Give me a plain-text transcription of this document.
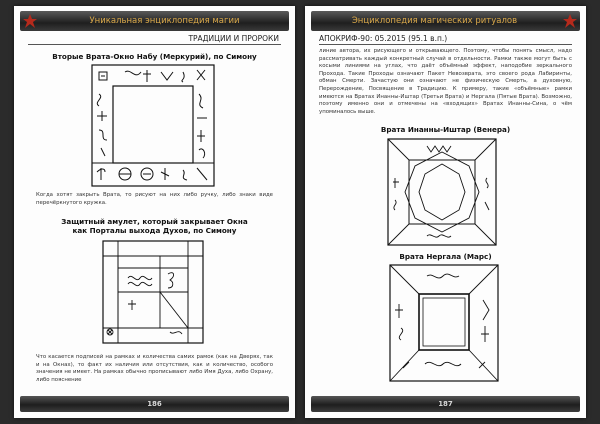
Уникальная энциклопедия магии
ТРАДИЦИИ И ПРОРОКИ
Вторые Врата-Окно Набу (Меркурий), по Симону
Когда хотят закрыть Врата, то рисуют на них либо ручку, либо знаки виде перечёркнутого кружка.
Защитный амулет, который закрывает Окна
как Порталы выхода Духов, по Симону
Что касается подписей на рамках и количества самих рамок (как на Дверях, так и на Окнах), то факт их наличия или отсутствия, как и количество, особого значения не имеет. На рамках обычно прописывают либо Имя Духа, либо Охрану, либо пояснение
186
Энциклопедия магических ритуалов
АПОКРИФ-90: 05.2015 (95.1 в.п.)
линие автора, их рисующего и открывающего. Поэтому, чтобы понять смысл, надо рассматривать каждый конкретный случай в отдельности. Рамки также могут быть с косыми линиями на углах, что даёт объёмный эффект, наподобие зеркального Прохода. Такие Проходы означают Пакет Невозврата, это своего рода Лабиринты, обман Смерти. Зачастую они означают не физическую Смерть, а духовную, Перерождение, Посвящение в Традицию. К примеру, такие «объёмные» рамки имеются на Вратах Инанны-Иштар (Третьи Врата) и Нергала (Пятые Врата). Возможно, поэтому именно они и отмечены на «входящих» Вратах Инанны-Сина, о чём упоминалось выше.
Врата Инанны-Иштар (Венера)
Врата Нергала (Марс)
187
